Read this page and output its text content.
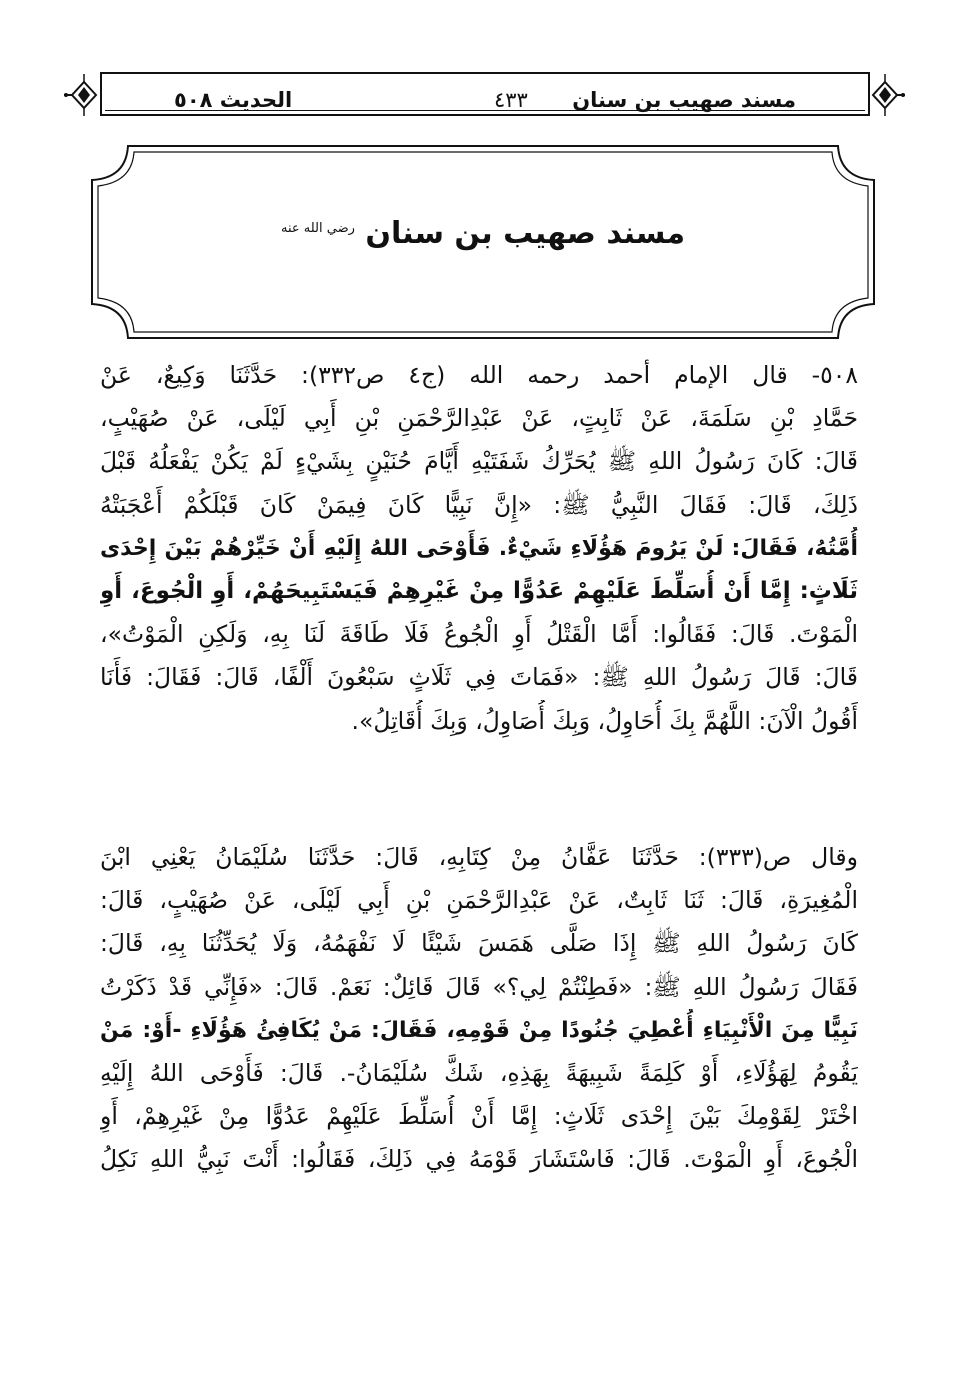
مسند صهيب بن سنان
٤٣٣
الحديث ٥٠٨
مسند صهيب بن سنان $^{رضي الله عنه}$
٥٠٨- قال الإمام أحمد رحمه الله (ج٤ ص٣٣٢): حَدَّثَنَا وَكِيعٌ، عَنْ
حَمَّادِ بْنِ سَلَمَةَ، عَنْ ثَابِتٍ، عَنْ عَبْدِالرَّحْمَنِ بْنِ أَبِي لَيْلَى، عَنْ صُهَيْبٍ،
قَالَ: كَانَ رَسُولُ اللهِ ﷺ يُحَرِّكُ شَفَتَيْهِ أَيَّامَ حُنَيْنٍ بِشَيْءٍ لَمْ يَكُنْ يَفْعَلُهُ قَبْلَ
ذَلِكَ، قَالَ: فَقَالَ النَّبِيُّ ﷺ: «إِنَّ نَبِيًّا كَانَ فِيمَنْ كَانَ قَبْلَكُمْ أَعْجَبَتْهُ
أُمَّتُهُ، فَقَالَ: لَنْ يَرُومَ هَؤُلَاءِ شَيْءٌ. فَأَوْحَى اللهُ إِلَيْهِ أَنْ خَيِّرْهُمْ بَيْنَ إِحْدَى
ثَلَاثٍ: إِمَّا أَنْ أُسَلِّطَ عَلَيْهِمْ عَدُوًّا مِنْ غَيْرِهِمْ فَيَسْتَبِيحَهُمْ، أَوِ الْجُوعَ، أَوِ
الْمَوْتَ. قَالَ: فَقَالُوا: أَمَّا الْقَتْلُ أَوِ الْجُوعُ فَلَا طَاقَةَ لَنَا بِهِ، وَلَكِنِ الْمَوْتُ»،
قَالَ: قَالَ رَسُولُ اللهِ ﷺ: «فَمَاتَ فِي ثَلَاثٍ سَبْعُونَ أَلْفًا، قَالَ: فَقَالَ: فَأَنَا
أَقُولُ الْآنَ: اللَّهُمَّ بِكَ أُحَاوِلُ، وَبِكَ أُصَاوِلُ، وَبِكَ أُقَاتِلُ».
وقال ص(٣٣٣): حَدَّثَنَا عَفَّانُ مِنْ كِتَابِهِ، قَالَ: حَدَّثَنَا سُلَيْمَانُ يَعْنِي ابْنَ
الْمُغِيرَةِ، قَالَ: ثَنَا ثَابِتٌ، عَنْ عَبْدِالرَّحْمَنِ بْنِ أَبِي لَيْلَى، عَنْ صُهَيْبٍ، قَالَ:
كَانَ رَسُولُ اللهِ ﷺ إِذَا صَلَّى هَمَسَ شَيْئًا لَا نَفْهَمُهُ، وَلَا يُحَدِّثُنَا بِهِ، قَالَ:
فَقَالَ رَسُولُ اللهِ ﷺ: «فَطِنْتُمْ لِي؟» قَالَ قَائِلٌ: نَعَمْ. قَالَ: «فَإِنِّي قَدْ ذَكَرْتُ
نَبِيًّا مِنَ الْأَنْبِيَاءِ أُعْطِيَ جُنُودًا مِنْ قَوْمِهِ، فَقَالَ: مَنْ يُكَافِئُ هَؤُلَاءِ -أَوْ: مَنْ
يَقُومُ لِهَؤُلَاءِ، أَوْ كَلِمَةً شَبِيهَةً بِهَذِهِ، شَكَّ سُلَيْمَانُ-. قَالَ: فَأَوْحَى اللهُ إِلَيْهِ
اخْتَرْ لِقَوْمِكَ بَيْنَ إِحْدَى ثَلَاثٍ: إِمَّا أَنْ أُسَلِّطَ عَلَيْهِمْ عَدُوًّا مِنْ غَيْرِهِمْ، أَوِ
الْجُوعَ، أَوِ الْمَوْتَ. قَالَ: فَاسْتَشَارَ قَوْمَهُ فِي ذَلِكَ، فَقَالُوا: أَنْتَ نَبِيُّ اللهِ نَكِلُ
